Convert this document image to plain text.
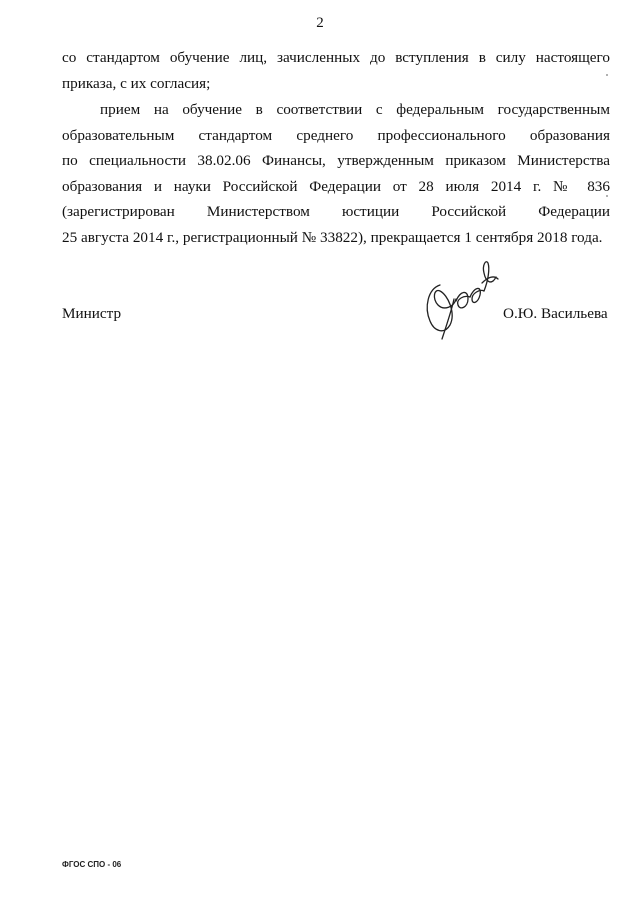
2
со стандартом обучение лиц, зачисленных до вступления в силу настоящего
приказа, с их согласия;
прием на обучение в соответствии с федеральным государственным
образовательным стандартом среднего профессионального образования
по специальности 38.02.06 Финансы, утвержденным приказом Министерства
образования и науки Российской Федерации от 28 июля 2014 г. № 836
(зарегистрирован Министерством юстиции Российской Федерации
25 августа 2014 г., регистрационный № 33822), прекращается 1 сентября 2018 года.
Министр	О.Ю. Васильева
ФГОС СПО - 06
